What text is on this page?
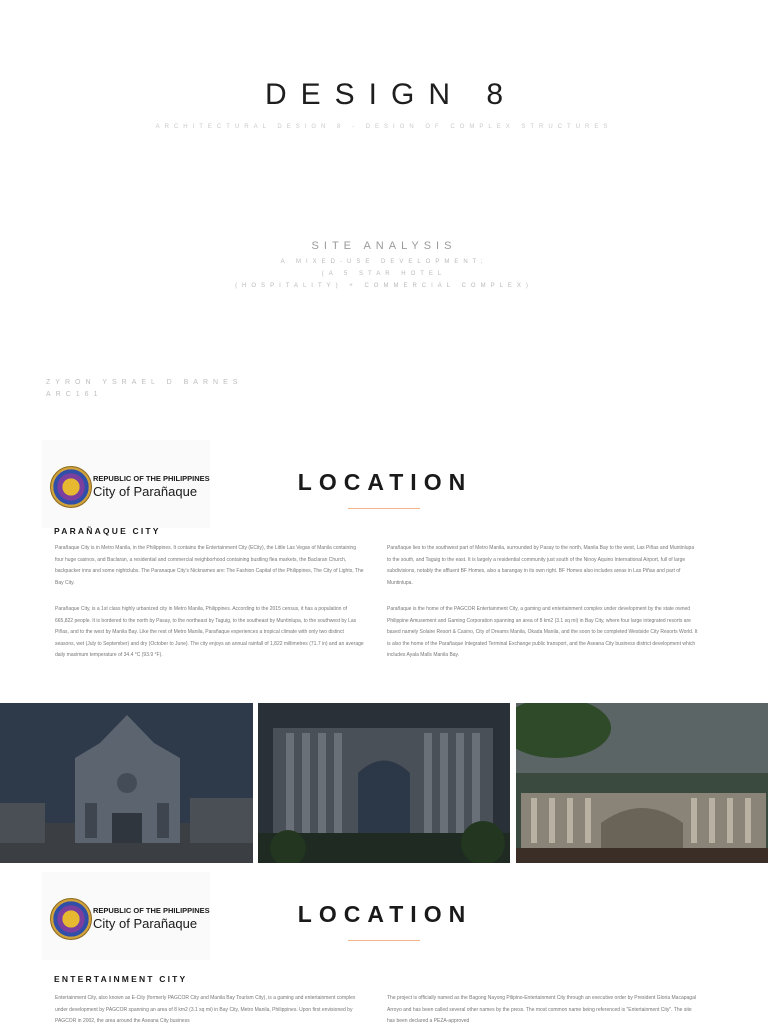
DESIGN 8
ARCHITECTURAL DESIGN 8 - DESIGN OF COMPLEX STRUCTURES
SITE ANALYSIS
A MIXED-USE DEVELOPMENT;
(A 5 STAR HOTEL
(HOSPITALITY) + COMMERCIAL COMPLEX)
ZYRON YSRAEL D BARNES
ARC161
REPUBLIC OF THE PHILIPPINES
City of Parañaque	LOCATION
PARAÑAQUE CITY
Parañaque City is in Metro Manila, in the Philippines. It contains the Entertainment City (ECity), the Little Las Vegas of Manila containing four huge casinos, and Baclaran, a residential and commercial neighborhood containing bustling flea markets, the Baclaran Church, backpacker inns and some nightclubs. The Paranaque City's Nicknames are: The Fashion Capital of the Philippines, The City of Lights, The Bay City.
Parañaque City, is a 1st class highly urbanized city in Metro Manila, Philippines. According to the 2015 census, it has a population of 665,822 people. It is bordered to the north by Pasay, to the northeast by Taguig, to the southeast by Muntinlupa, to the southwest by Las Piñas, and to the west by Manila Bay. Like the rest of Metro Manila, Parañaque experiences a tropical climate with only two distinct seasons, wet (July to September) and dry (October to June). The city enjoys an annual rainfall of 1,822 millimetres (71.7 in) and an average daily maximum temperature of 34.4 °C (93.9 °F).
Parañaque lies to the southwest part of Metro Manila, surrounded by Pasay to the north, Manila Bay to the west, Las Piñas and Muntinlupa to the south, and Taguig to the east. It is largely a residential community just south of the Ninoy Aquino International Airport, full of large subdivisions, notably the affluent BF Homes, also a barangay in its own right. BF Homes also includes areas in Las Piñas and part of Muntinlupa.
Parañaque is the home of the PAGCOR Entertainment City, a gaming and entertainment complex under development by the state owned Philippine Amusement and Gaming Corporation spanning an area of 8 km2 (3.1 sq mi) in Bay City, where four large integrated resorts are based namely Solaire Resort & Casino, City of Dreams Manila, Okada Manila, and the soon to be completed Westside City Resorts World. It is also the home of the Parañaque Integrated Terminal Exchange public transport, and the Aseana City business district development which includes Ayala Malls Manila Bay.
REPUBLIC OF THE PHILIPPINES
City of Parañaque	LOCATION
ENTERTAINMENT CITY
Entertainment City, also known as E-City (formerly PAGCOR City and Manila Bay Tourism City), is a gaming and entertainment complex under development by PAGCOR spanning an area of 8 km2 (3.1 sq mi) in Bay City, Metro Manila, Philippines. Upon first envisioned by PAGCOR in 2002, the area around the Aseana City business
The project is officially named as the Bagong Nayong Pilipino-Entertainment City through an executive order by President Gloria Macapagal Arroyo and has been called several other names by the press. The most common name being referenced is "Entertainment City". The site has been declared a PEZA-approved
